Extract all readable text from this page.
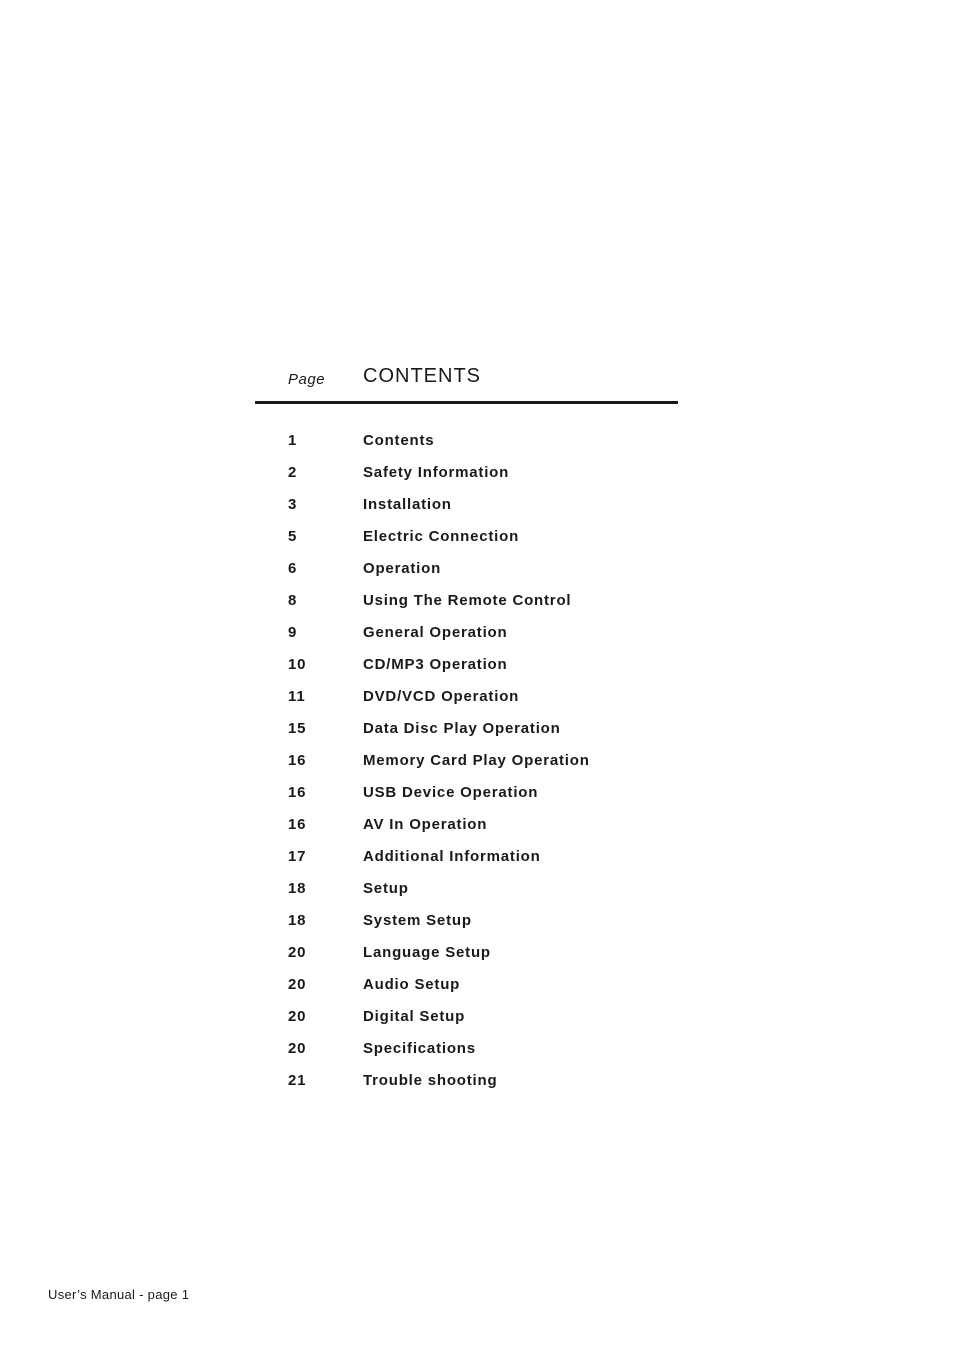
Page CONTENTS
1	Contents
2	Safety Information
3	Installation
5	Electric Connection
6	Operation
8	Using The Remote Control
9	General Operation
10	CD/MP3 Operation
11	DVD/VCD Operation
15	Data Disc Play Operation
16	Memory Card Play Operation
16	USB Device Operation
16	AV In Operation
17	Additional Information
18	Setup
18	System Setup
20	Language Setup
20	Audio Setup
20	Digital Setup
20	Specifications
21	Trouble shooting
User’s Manual - page 1
